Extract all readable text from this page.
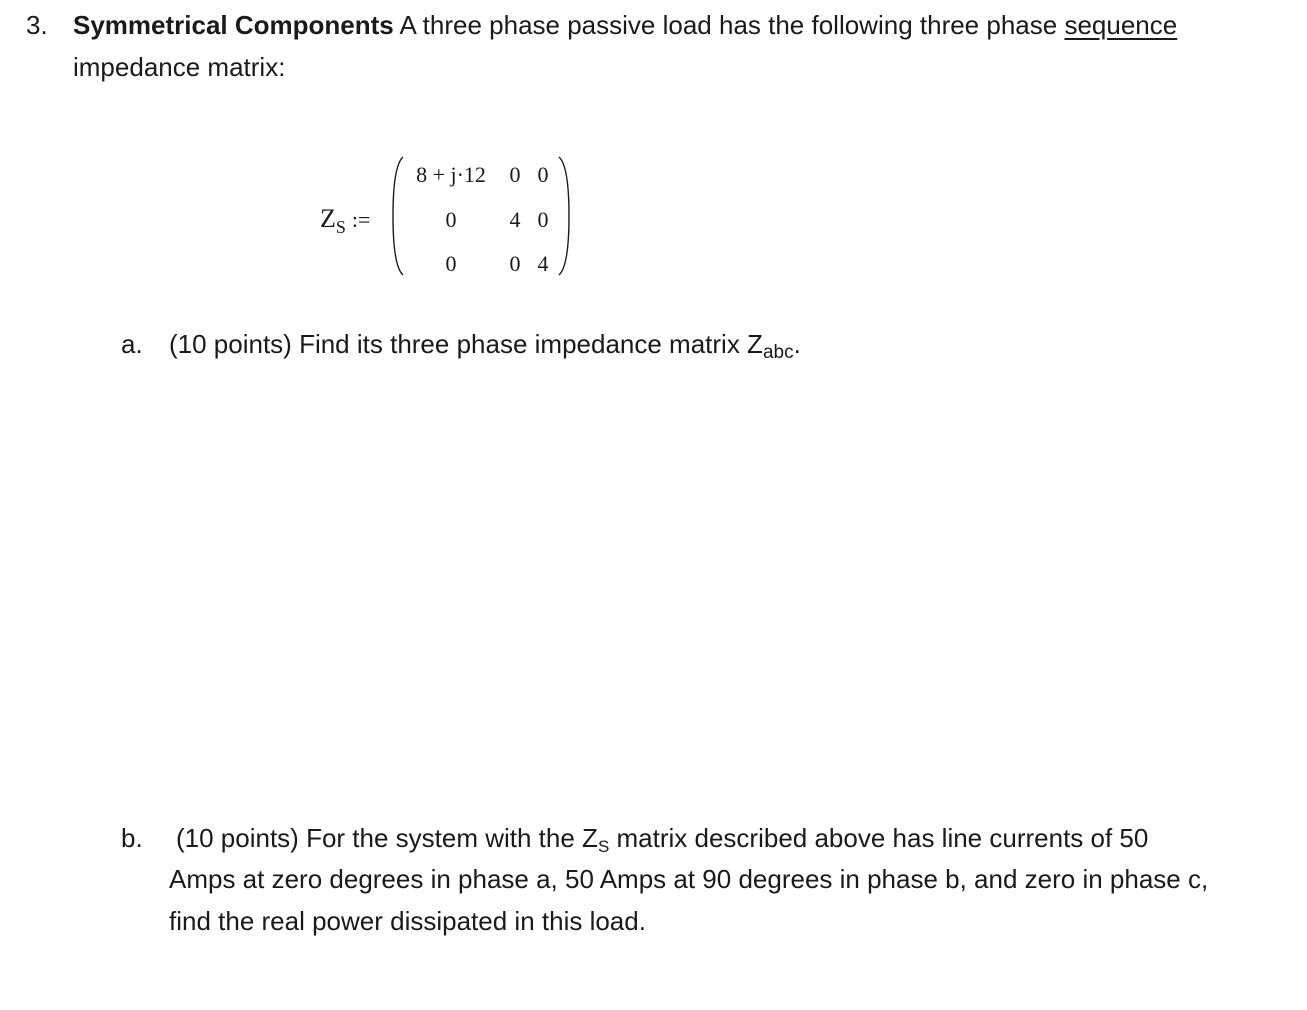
3. Symmetrical Components A three phase passive load has the following three phase sequence
impedance matrix:
$Z_S$ :=
8 + j·12	0 0
0	4 0
0	0 4
a. (10 points) Find its three phase impedance matrix $Z_{abc}$.
b. (10 points) For the system with the ZS matrix described above has line currents of 50
Amps at zero degrees in phase a, 50 Amps at 90 degrees in phase b, and zero in phase c,
find the real power dissipated in this load.
